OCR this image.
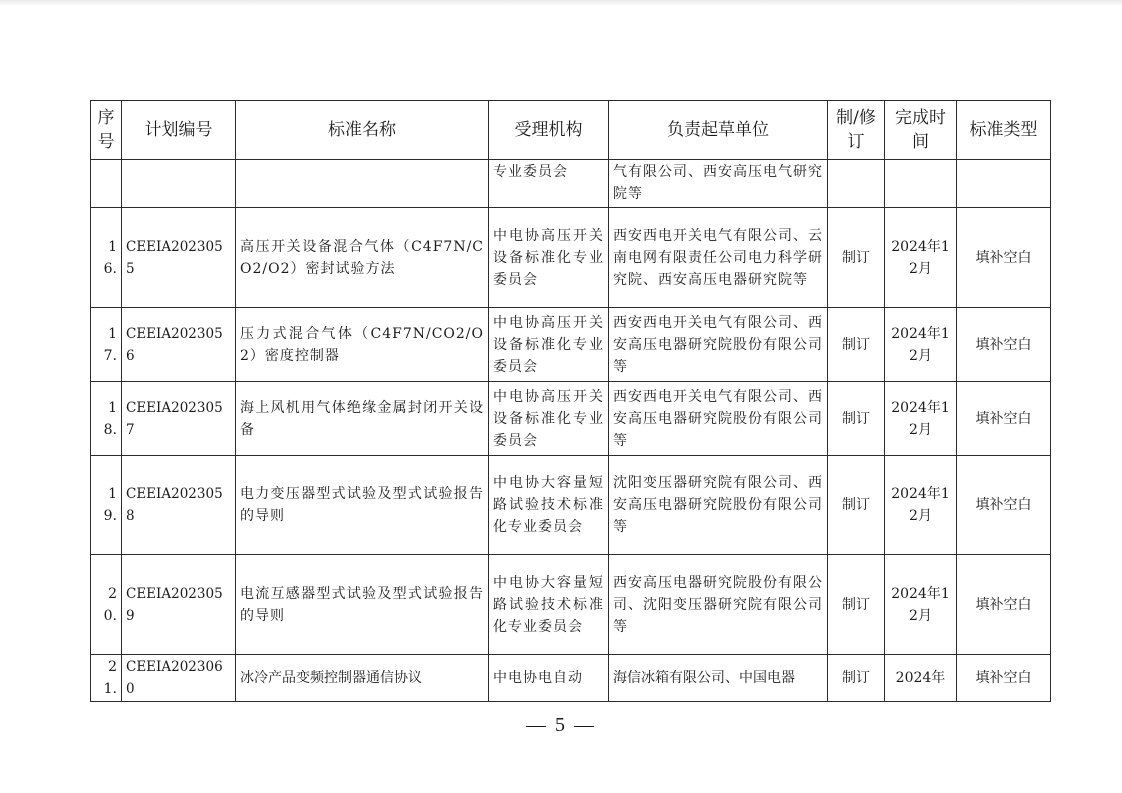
序号	计划编号	标准名称	受理机构	负责起草单位	制/修订	完成时间	标准类型
			专业委员会	气有限公司、西安高压电气研究院等			
16.	CEEIA2023055	高压开关设备混合气体（C4F7N/CO2/O2）密封试验方法	中电协高压开关设备标准化专业委员会	西安西电开关电气有限公司、云南电网有限责任公司电力科学研究院、西安高压电器研究院等	制订	2024年12月	填补空白
17.	CEEIA2023056	压力式混合气体（C4F7N/CO2/O2）密度控制器	中电协高压开关设备标准化专业委员会	西安西电开关电气有限公司、西安高压电器研究院股份有限公司等	制订	2024年12月	填补空白
18.	CEEIA2023057	海上风机用气体绝缘金属封闭开关设备	中电协高压开关设备标准化专业委员会	西安西电开关电气有限公司、西安高压电器研究院股份有限公司等	制订	2024年12月	填补空白
19.	CEEIA2023058	电力变压器型式试验及型式试验报告的导则	中电协大容量短路试验技术标准化专业委员会	沈阳变压器研究院有限公司、西安高压电器研究院股份有限公司等	制订	2024年12月	填补空白
20.	CEEIA2023059	电流互感器型式试验及型式试验报告的导则	中电协大容量短路试验技术标准化专业委员会	西安高压电器研究院股份有限公司、沈阳变压器研究院有限公司等	制订	2024年12月	填补空白
21.	CEEIA2023060	冰冷产品变频控制器通信协议	中电协电自动	海信冰箱有限公司、中国电器	制订	2024年	填补空白
— 5 —
